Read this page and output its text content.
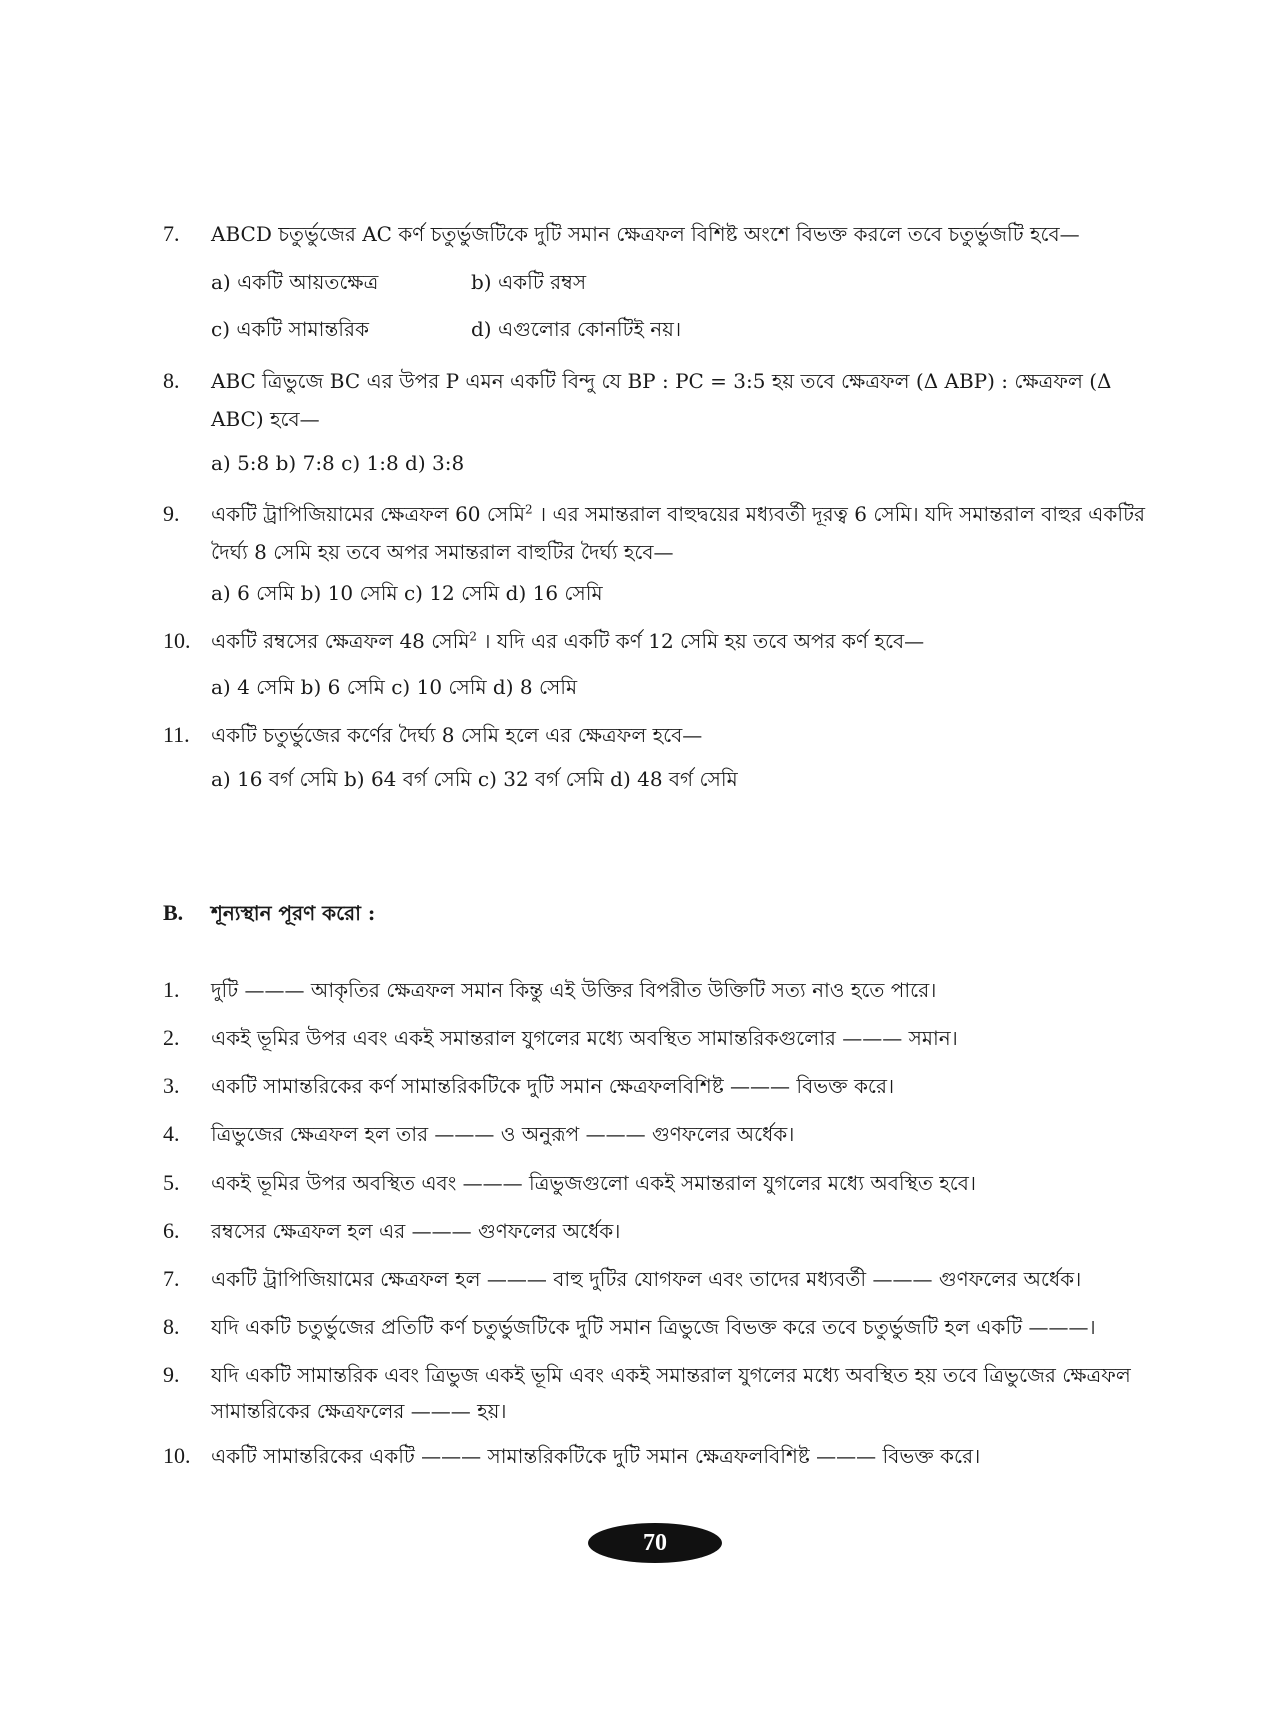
7.	ABCD চতুর্ভুজের AC কর্ণ চতুর্ভুজটিকে দুটি সমান ক্ষেত্রফল বিশিষ্ট অংশে বিভক্ত করলে তবে চতুর্ভুজটি হবে—
a) একটি আয়তক্ষেত্র	b) একটি রম্বস
c) একটি সামান্তরিক	d) এগুলোর কোনটিই নয়।
8.	ABC ত্রিভুজে BC এর উপর P এমন একটি বিন্দু যে BP : PC = 3:5 হয় তবে ক্ষেত্রফল (Δ ABP) : ক্ষেত্রফল (Δ ABC) হবে—
a) 5:8 b) 7:8 c) 1:8 d) 3:8
9.	একটি ট্রাপিজিয়ামের ক্ষেত্রফল 60 সেমি$^2$ । এর সমান্তরাল বাহুদ্বয়ের মধ্যবর্তী দূরত্ব 6 সেমি। যদি সমান্তরাল বাহুর একটির দৈর্ঘ্য 8 সেমি হয় তবে অপর সমান্তরাল বাহুটির দৈর্ঘ্য হবে—
a) 6 সেমি b) 10 সেমি c) 12 সেমি d) 16 সেমি
10.	একটি রম্বসের ক্ষেত্রফল 48 সেমি$^2$ । যদি এর একটি কর্ণ 12 সেমি হয় তবে অপর কর্ণ হবে—
a) 4 সেমি b) 6 সেমি c) 10 সেমি d) 8 সেমি
11.	একটি চতুর্ভুজের কর্ণের দৈর্ঘ্য 8 সেমি হলে এর ক্ষেত্রফল হবে—
a) 16 বর্গ সেমি b) 64 বর্গ সেমি c) 32 বর্গ সেমি d) 48 বর্গ সেমি
B.	শূন্যস্থান পূরণ করো :
1.	দুটি ——— আকৃতির ক্ষেত্রফল সমান কিন্তু এই উক্তির বিপরীত উক্তিটি সত্য নাও হতে পারে।
2.	একই ভূমির উপর এবং একই সমান্তরাল যুগলের মধ্যে অবস্থিত সামান্তরিকগুলোর ——— সমান।
3.	একটি সামান্তরিকের কর্ণ সামান্তরিকটিকে দুটি সমান ক্ষেত্রফলবিশিষ্ট ——— বিভক্ত করে।
4.	ত্রিভুজের ক্ষেত্রফল হল তার ——— ও অনুরূপ ——— গুণফলের অর্ধেক।
5.	একই ভূমির উপর অবস্থিত এবং ——— ত্রিভুজগুলো একই সমান্তরাল যুগলের মধ্যে অবস্থিত হবে।
6.	রম্বসের ক্ষেত্রফল হল এর ——— গুণফলের অর্ধেক।
7.	একটি ট্রাপিজিয়ামের ক্ষেত্রফল হল ——— বাহু দুটির যোগফল এবং তাদের মধ্যবর্তী ——— গুণফলের অর্ধেক।
8.	যদি একটি চতুর্ভুজের প্রতিটি কর্ণ চতুর্ভুজটিকে দুটি সমান ত্রিভুজে বিভক্ত করে তবে চতুর্ভুজটি হল একটি ———।
9.	যদি একটি সামান্তরিক এবং ত্রিভুজ একই ভূমি এবং একই সমান্তরাল যুগলের মধ্যে অবস্থিত হয় তবে ত্রিভুজের ক্ষেত্রফল সামান্তরিকের ক্ষেত্রফলের ——— হয়।
10.	একটি সামান্তরিকের একটি ——— সামান্তরিকটিকে দুটি সমান ক্ষেত্রফলবিশিষ্ট ——— বিভক্ত করে।
70
